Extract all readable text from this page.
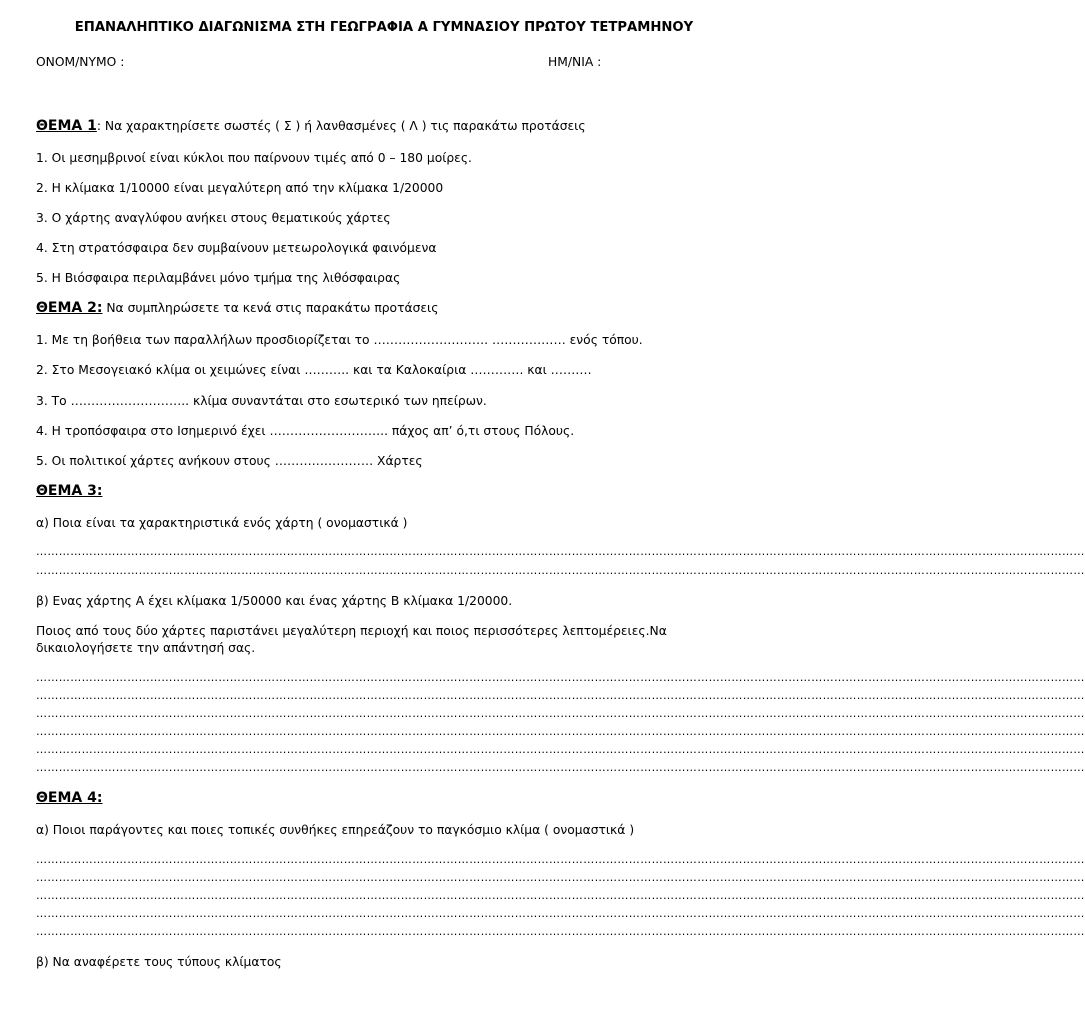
ΕΠΑΝΑΛΗΠΤΙΚΟ ΔΙΑΓΩΝΙΣΜΑ ΣΤΗ ΓΕΩΓΡΑΦΙΑ Α ΓΥΜΝΑΣΙΟΥ ΠΡΩΤΟΥ ΤΕΤΡΑΜΗΝΟΥ
ΟΝΟΜ/ΝΥΜΟ :	ΗΜ/ΝΙΑ :
ΘΕΜΑ 1: Να χαρακτηρίσετε σωστές ( Σ ) ή λανθασμένες ( Λ ) τις παρακάτω προτάσεις
1. Οι μεσημβρινοί είναι κύκλοι που παίρνουν τιμές από 0 – 180 μοίρες.
2. Η κλίμακα 1/10000 είναι μεγαλύτερη από την κλίμακα 1/20000
3. Ο χάρτης αναγλύφου ανήκει στους θεματικούς χάρτες
4. Στη στρατόσφαιρα δεν συμβαίνουν μετεωρολογικά φαινόμενα
5. Η Βιόσφαιρα περιλαμβάνει μόνο τμήμα της λιθόσφαιρας
ΘΕΜΑ 2: Να συμπληρώσετε τα κενά στις παρακάτω προτάσεις
1. Με τη βοήθεια των παραλλήλων προσδιορίζεται το ………………………. ……………… ενός τόπου.
2. Στο Μεσογειακό κλίμα οι χειμώνες είναι ……….. και τα Καλοκαίρια …………. και ……….
3. Το ……………………….. κλίμα συναντάται στο εσωτερικό των ηπείρων.
4. Η τροπόσφαιρα στο Ισημερινό έχει ……………………….. πάχος απ’ ό,τι στους Πόλους.
5. Οι πολιτικοί χάρτες ανήκουν στους …………………… Χάρτες
ΘΕΜΑ 3:
α) Ποια είναι τα χαρακτηριστικά ενός χάρτη ( ονομαστικά )
……………………………………………………………………………………………………………………………………………………………………………………………………………………………………………………
……………………………………………………………………………………………………………………………………………………………………………………………………………………………………………………
β) Ενας χάρτης Α έχει κλίμακα 1/50000 και ένας χάρτης Β κλίμακα 1/20000.
Ποιος από τους δύο χάρτες παριστάνει μεγαλύτερη περιοχή και ποιος περισσότερες λεπτομέρειες.Να δικαιολογήσετε την απάντησή σας.
……………………………………………………………………………………………………………………………………………………………………………………………………………………………………………………
……………………………………………………………………………………………………………………………………………………………………………………………………………………………………………………
……………………………………………………………………………………………………………………………………………………………………………………………………………………………………………………
……………………………………………………………………………………………………………………………………………………………………………………………………………………………………………………
……………………………………………………………………………………………………………………………………………………………………………………………………………………………………………………
……………………………………………………………………………………………………………………………………………………………………………………………………………………………………………………
ΘΕΜΑ 4:
α) Ποιοι παράγοντες και ποιες τοπικές συνθήκες επηρεάζουν το παγκόσμιο κλίμα ( ονομαστικά )
……………………………………………………………………………………………………………………………………………………………………………………………………………………………………………………
……………………………………………………………………………………………………………………………………………………………………………………………………………………………………………………
……………………………………………………………………………………………………………………………………………………………………………………………………………………………………………………
……………………………………………………………………………………………………………………………………………………………………………………………………………………………………………………
……………………………………………………………………………………………………………………………………………………………………………………………………………………………………………………
β) Να αναφέρετε τους τύπους κλίματος
